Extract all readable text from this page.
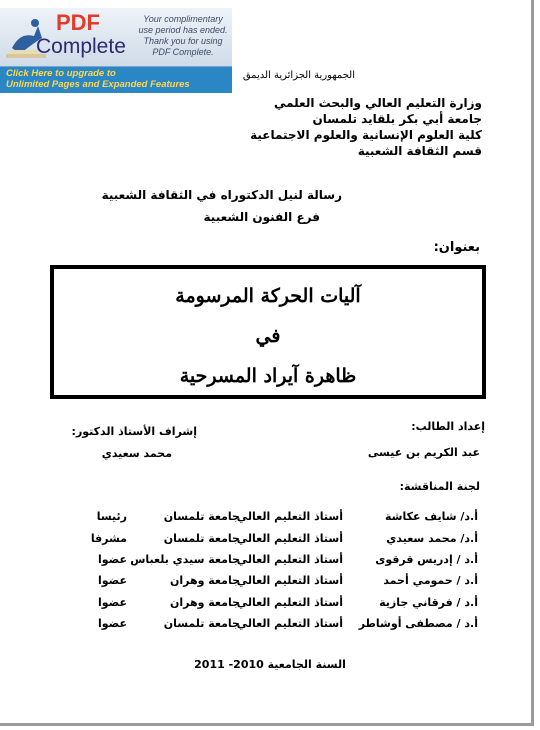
PDF
Complete
Your complimentary
use period has ended.
Thank you for using
PDF Complete.
Click Here to upgrade to
Unlimited Pages and Expanded Features
الجمهورية الجزائرية الديمق
وزارة التعليم العالي والبحث العلمي
جامعة أبي بكر بلقايد تلمسان
كلية العلوم الإنسانية والعلوم الاجتماعية
قسم الثقافة الشعبية
رسالة لنيل الدكتوراه في الثقافة الشعبية
فرع الفنون الشعبية
بعنوان:
آليات الحركة المرسومة
في
ظاهرة آيراد المسرحية
إعداد الطالب:
عبد الكريم بن عيسى
إشراف الأستاذ الدكتور:
محمد سعيدي
لجنة المناقشة:
أ.د/ شايف عكاشة
أستاذ التعليم العالي
جامعة تلمسان
رئيسا
أ.د/ محمد سعيدي
أستاذ التعليم العالي
جامعة تلمسان
مشرفا
أ.د / إدريس قرقوى
أستاذ التعليم العالي
جامعة سيدي بلعباس
عضوا
أ.د / حمومي أحمد
أستاذ التعليم العالي
جامعة وهران
عضوا
أ.د / فرقاني جازية
أستاذ التعليم العالي
جامعة وهران
عضوا
أ.د / مصطفى أوشاطر
أستاذ التعليم العالي
جامعة تلمسان
عضوا
السنة الجامعية 2010- 2011
